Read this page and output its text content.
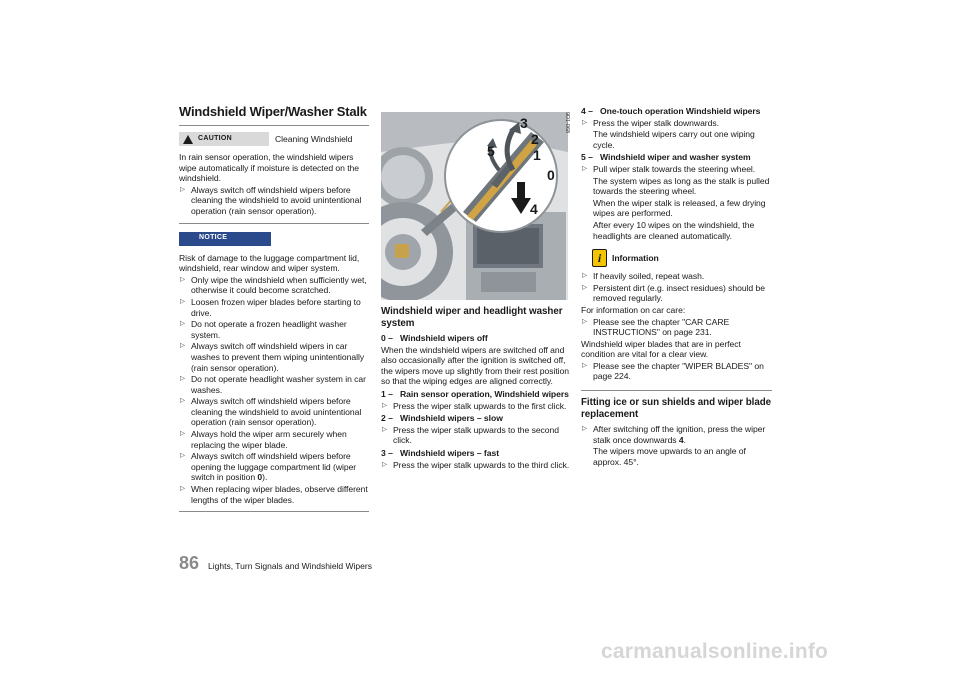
Windshield Wiper/Washer Stalk
CAUTION	Cleaning Windshield

In rain sensor operation, the windshield wipers wipe automatically if moisture is detected on the windshield.

▷ Always switch off windshield wipers before cleaning the windshield to avoid unintentional operation (rain sensor operation).

NOTICE

Risk of damage to the luggage compartment lid, windshield, rear window and wiper system.

▷ Only wipe the windshield when sufficiently wet, otherwise it could become scratched.

▷ Loosen frozen wiper blades before starting to drive.

▷ Do not operate a frozen headlight washer system.

▷ Always switch off windshield wipers in car washes to prevent them wiping unintentionally (rain sensor operation).

▷ Do not operate headlight washer system in car washes.

▷ Always switch off windshield wipers before cleaning the windshield to avoid unintentional operation (rain sensor operation).

▷ Always hold the wiper arm securely when replacing the wiper blade.

▷ Always switch off windshield wipers before opening the luggage compartment lid (wiper switch in position 0).

▷ When replacing wiper blades, observe different lengths of the wiper blades.

3
2
1
5
0
4
9D1-068
Windshield wiper and headlight washer system
0 – Windshield wipers off

When the windshield wipers are switched off and also occasionally after the ignition is switched off, the wipers move up slightly from their rest position so that the wiping edges are aligned correctly.

1 – Rain sensor operation, Windshield wipers

▷ Press the wiper stalk upwards to the first click.

2 – Windshield wipers – slow

▷ Press the wiper stalk upwards to the second click.

3 – Windshield wipers – fast

▷ Press the wiper stalk upwards to the third click.

4 – One-touch operation Windshield wipers

▷ Press the wiper stalk downwards.

The windshield wipers carry out one wiping cycle.

5 – Windshield wiper and washer system

▷ Pull wiper stalk towards the steering wheel.

The system wipes as long as the stalk is pulled towards the steering wheel.

When the wiper stalk is released, a few drying wipes are performed.

After every 10 wipes on the windshield, the headlights are cleaned automatically.

i	Information

▷ If heavily soiled, repeat wash.

▷ Persistent dirt (e.g. insect residues) should be removed regularly.

For information on car care:

▷ Please see the chapter "CAR CARE INSTRUCTIONS" on page 231.

Windshield wiper blades that are in perfect condition are vital for a clear view.

▷ Please see the chapter "WIPER BLADES" on page 224.

Fitting ice or sun shields and wiper blade replacement

▷ After switching off the ignition, press the wiper stalk once downwards 4.

The wipers move upwards to an angle of approx. 45°.

86 Lights, Turn Signals and Windshield Wipers
carmanualsonline.info
